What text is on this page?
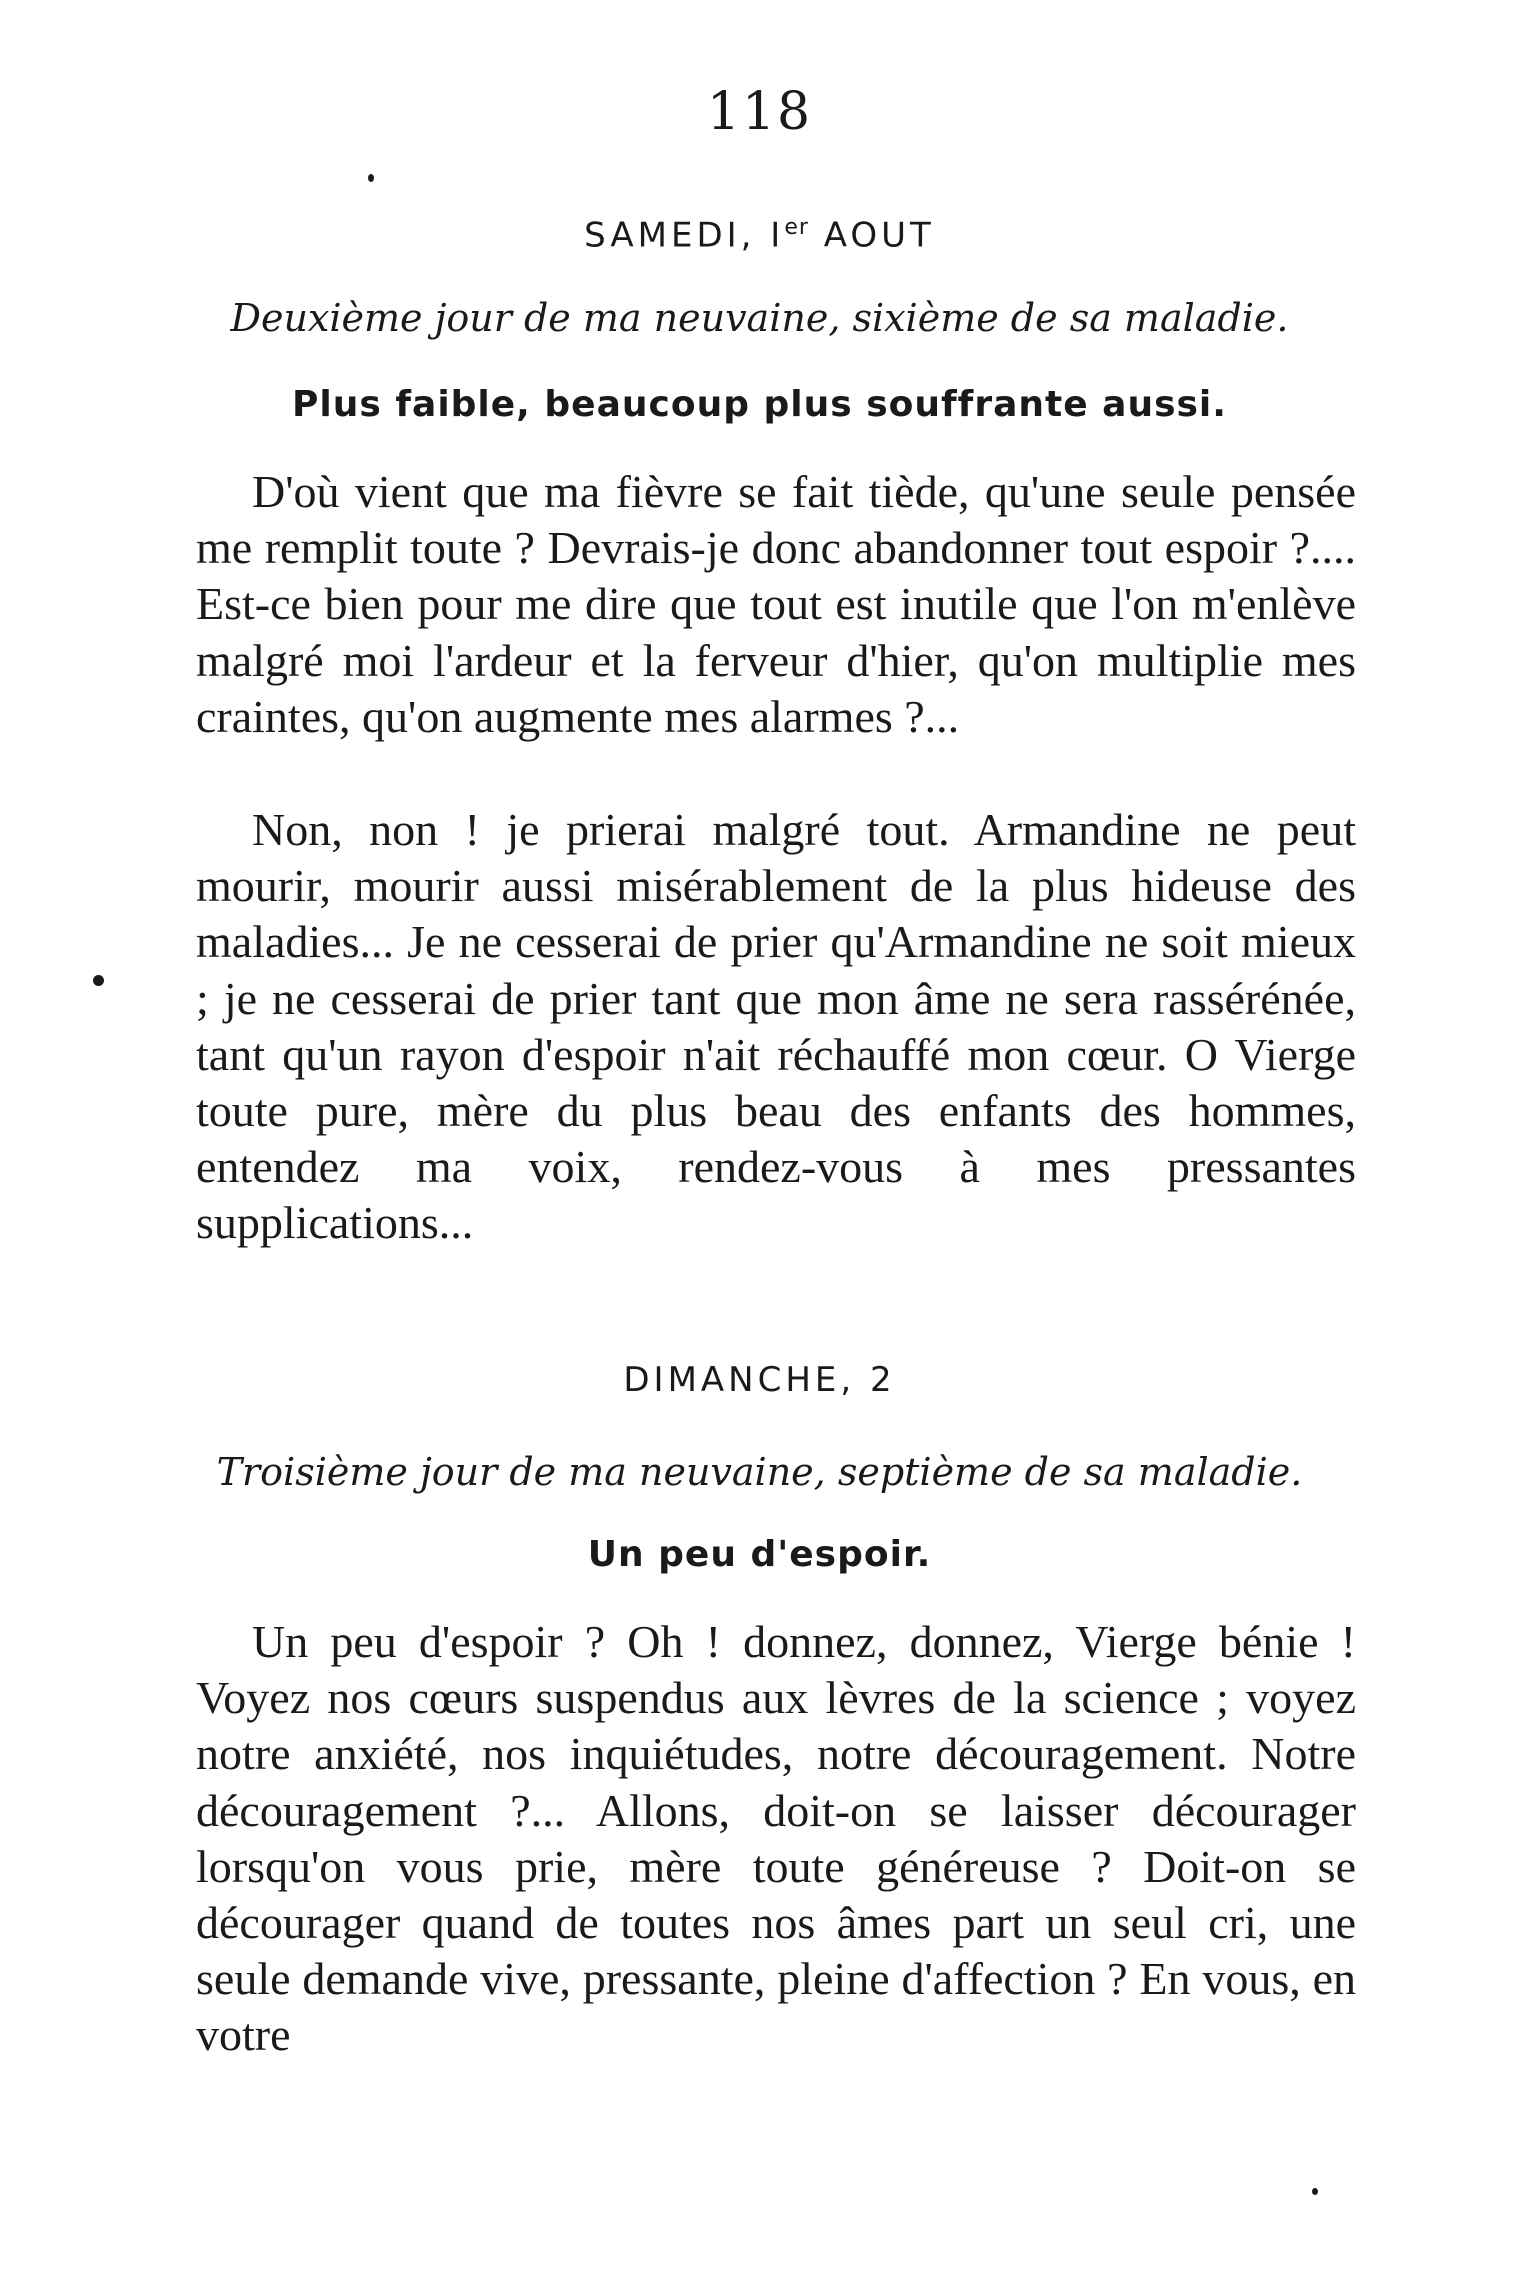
118
SAMEDI, Ier AOUT
Deuxième jour de ma neuvaine, sixième de sa maladie.
Plus faible, beaucoup plus souffrante aussi.

D'où vient que ma fièvre se fait tiède, qu'une seule pensée me remplit toute ? Devrais-je donc abandonner tout espoir ?.... Est-ce bien pour me dire que tout est inutile que l'on m'enlève malgré moi l'ardeur et la ferveur d'hier, qu'on multiplie mes craintes, qu'on augmente mes alarmes ?...

Non, non ! je prierai malgré tout. Armandine ne peut mourir, mourir aussi misérablement de la plus hideuse des maladies... Je ne cesserai de prier qu'Armandine ne soit mieux ; je ne cesserai de prier tant que mon âme ne sera rassérénée, tant qu'un rayon d'espoir n'ait réchauffé mon cœur. O Vierge toute pure, mère du plus beau des enfants des hommes, entendez ma voix, rendez-vous à mes pressantes supplications...

DIMANCHE, 2
Troisième jour de ma neuvaine, septième de sa maladie.
Un peu d'espoir.

Un peu d'espoir ? Oh ! donnez, donnez, Vierge bénie ! Voyez nos cœurs suspendus aux lèvres de la science ; voyez notre anxiété, nos inquiétudes, notre découragement. Notre découragement ?... Allons, doit-on se laisser décourager lorsqu'on vous prie, mère toute généreuse ? Doit-on se décourager quand de toutes nos âmes part un seul cri, une seule demande vive, pressante, pleine d'affection ? En vous, en votre
